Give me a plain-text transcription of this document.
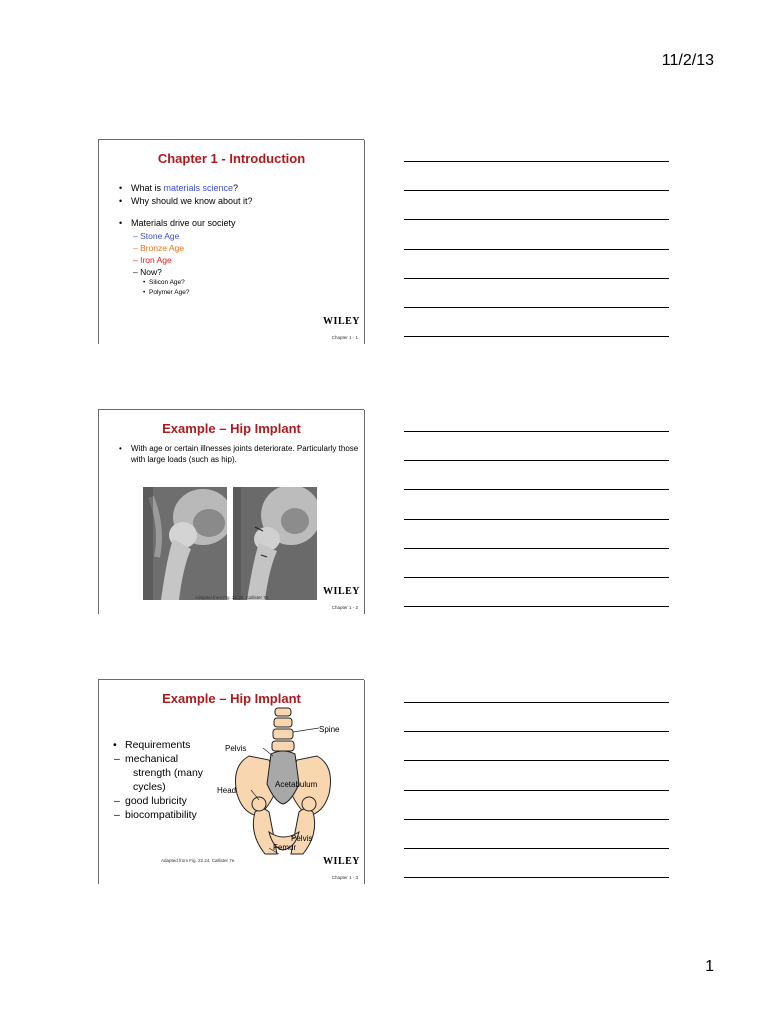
11/2/13
Chapter 1 - Introduction
• What is materials science?
• Why should we know about it?
• Materials drive our society
– Stone Age
– Bronze Age
– Iron Age
– Now?
• Silicon Age?
• Polymer Age?
WILEY
Chapter 1 - 1
Example – Hip Implant
• With age or certain illnesses joints deteriorate. Particularly those with large loads (such as hip).
Adapted from Fig. 22.25, Callister 7e.
WILEY
Chapter 1 - 2
Example – Hip Implant
• Requirements
– mechanical
strength (many
cycles)
– good lubricity
– biocompatibility
Spine
Pelvis
Head
Acetabulum
Pelvis
Femur
Adapted from Fig. 22.24, Callister 7e.	WILEY
Chapter 1 - 3
1
